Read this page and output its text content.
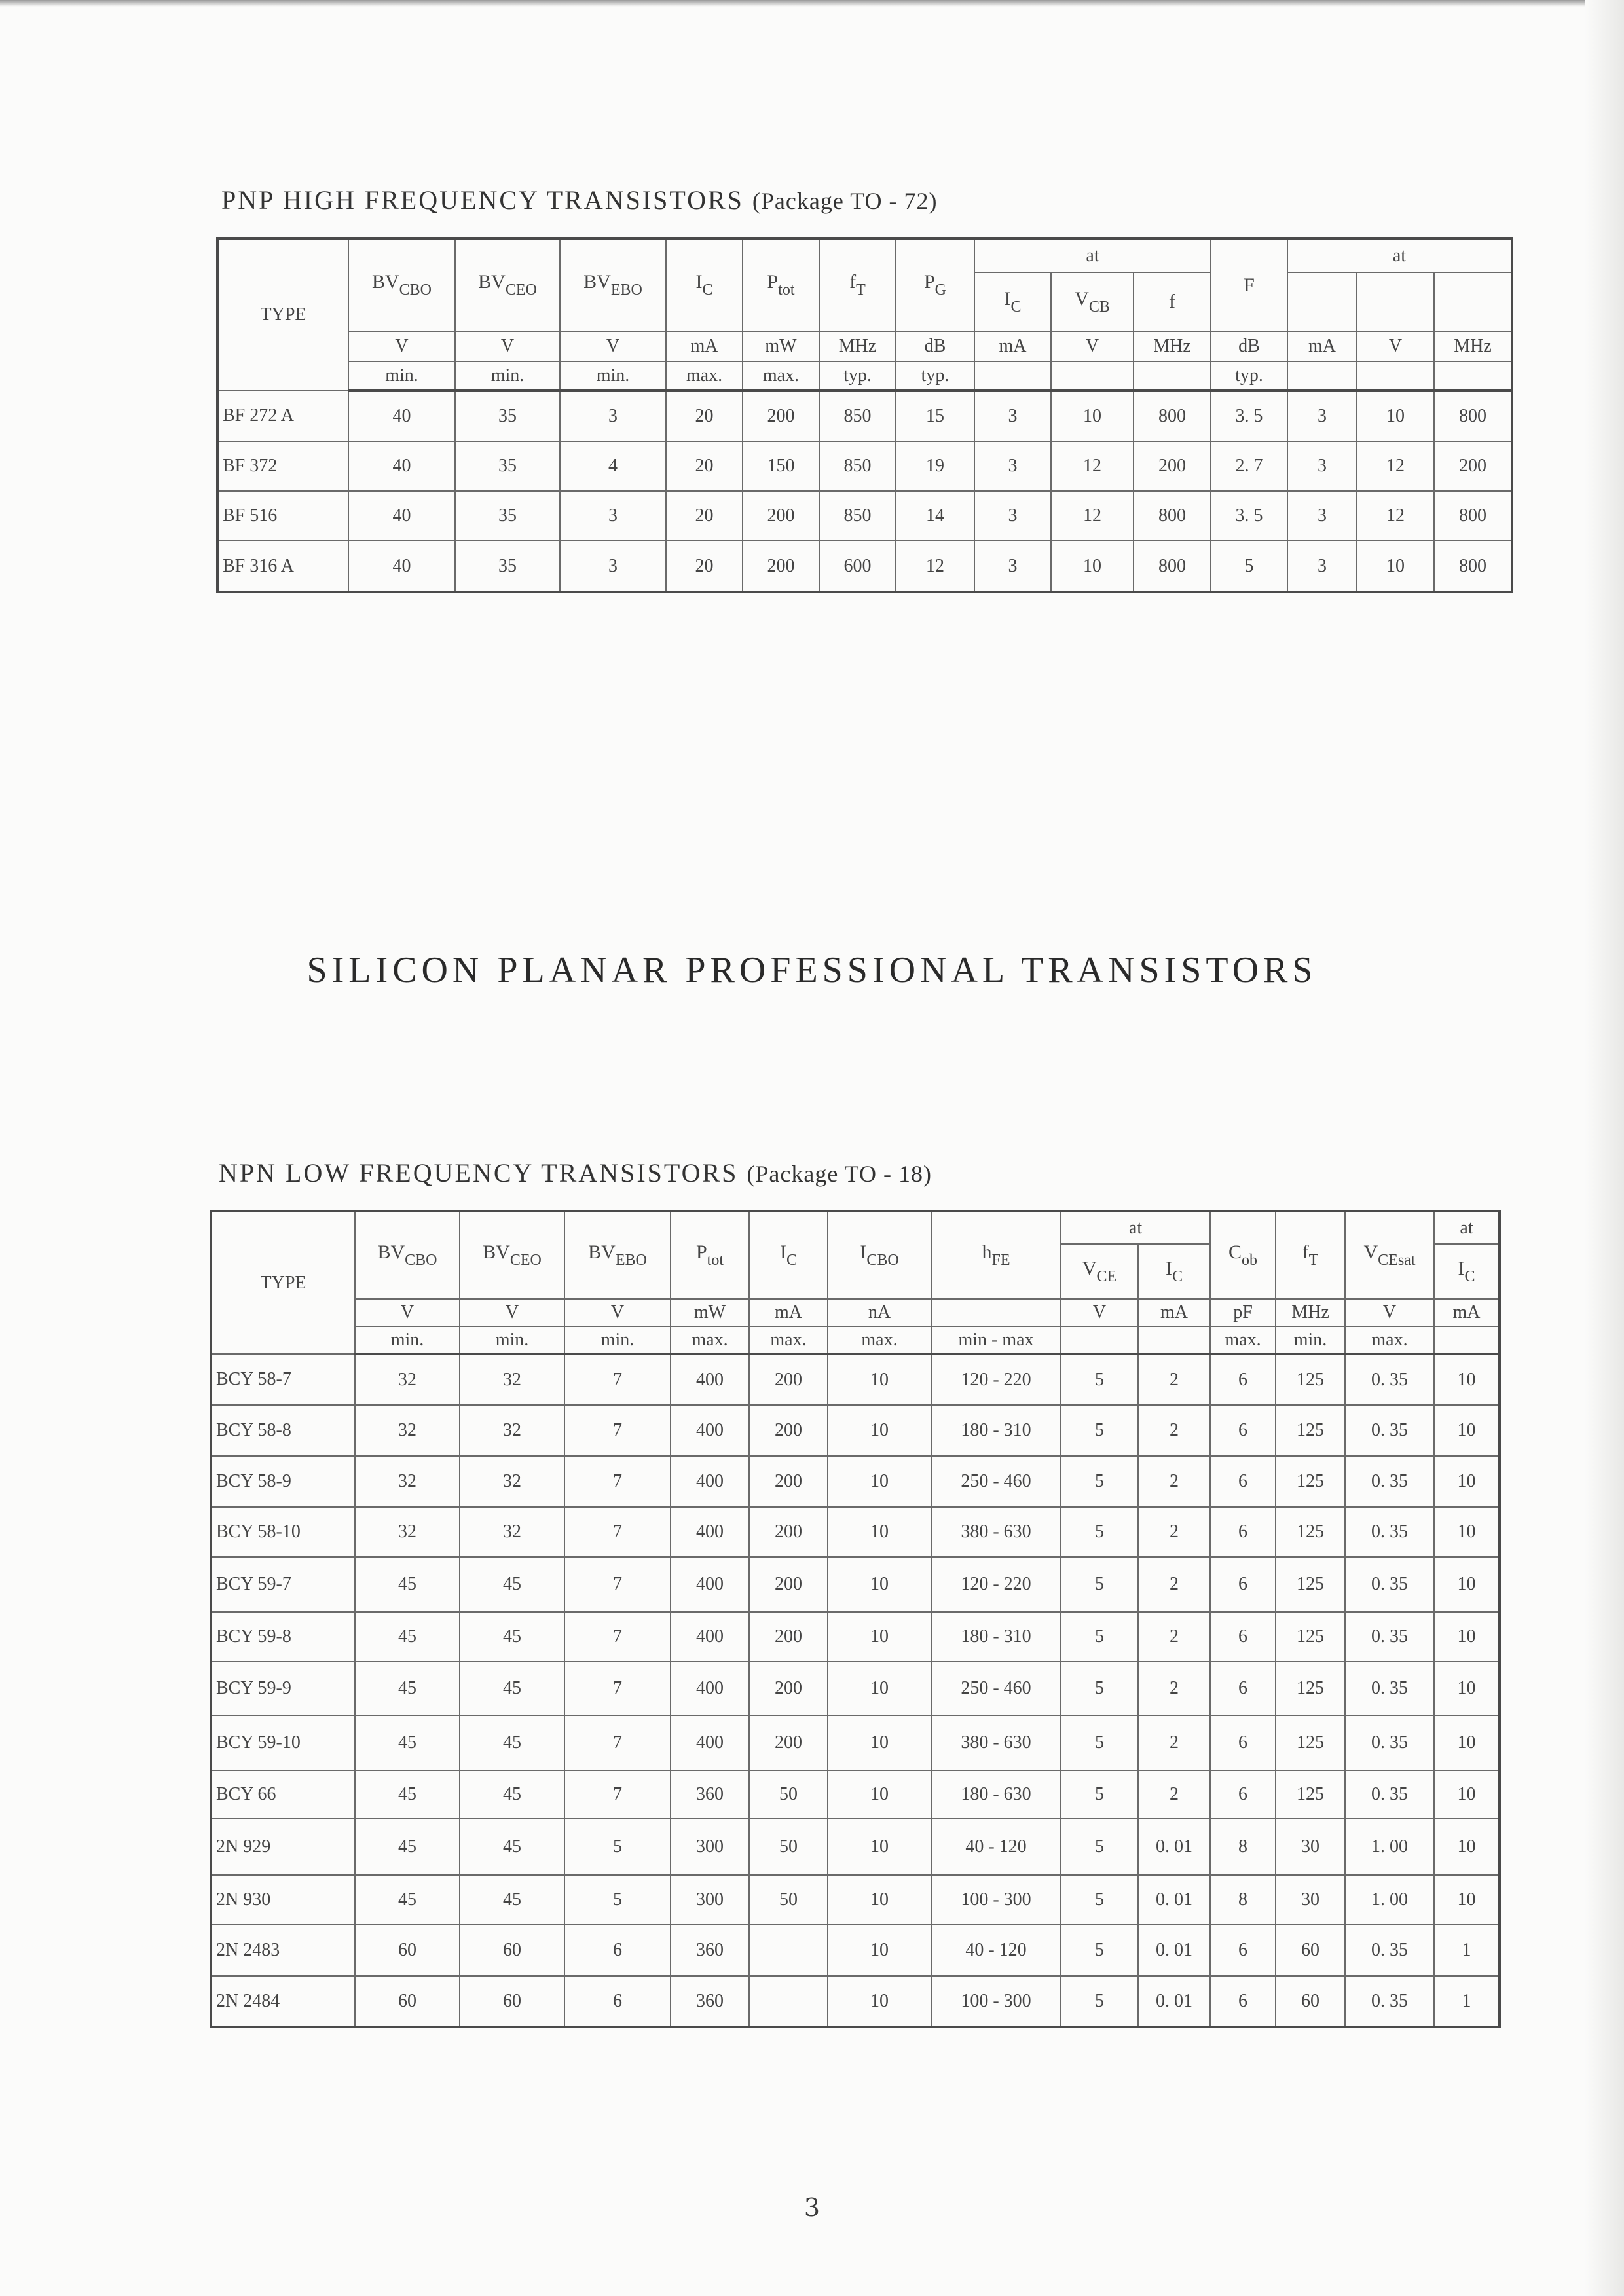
PNP HIGH FREQUENCY TRANSISTORS (Package TO - 72)
TYPE	$BV_{CBO}$	$BV_{CEO}$	$BV_{EBO}$	$I_C$	$P_{tot}$	$f_T$	$P_G$	at			F	at		
								$I_C$	$V_{CB}$	f				
	V	V	V	mA	mW	MHz	dB	mA	V	MHz	dB	mA	V	MHz
	min.	min.	min.	max.	max.	typ.	typ.				typ.			
BF 272 A	40	35	3	20	200	850	15	3	10	800	3. 5	3	10	800
BF 372	40	35	4	20	150	850	19	3	12	200	2. 7	3	12	200
BF 516	40	35	3	20	200	850	14	3	12	800	3. 5	3	12	800
BF 316 A	40	35	3	20	200	600	12	3	10	800	5	3	10	800
SILICON PLANAR PROFESSIONAL TRANSISTORS
NPN LOW FREQUENCY TRANSISTORS (Package TO - 18)
TYPE	$BV_{CBO}$	$BV_{CEO}$	$BV_{EBO}$	$P_{tot}$	$I_C$	$I_{CBO}$	$h_{FE}$	at		$C_{ob}$	$f_T$	$V_{CEsat}$	at
								$V_{CE}$	$I_C$				$I_C$
	V	V	V	mW	mA	nA		V	mA	pF	MHz	V	mA
	min.	min.	min.	max.	max.	max.	min - max			max.	min.	max.	
BCY 58-7	32	32	7	400	200	10	120 - 220	5	2	6	125	0. 35	10
BCY 58-8	32	32	7	400	200	10	180 - 310	5	2	6	125	0. 35	10
BCY 58-9	32	32	7	400	200	10	250 - 460	5	2	6	125	0. 35	10
BCY 58-10	32	32	7	400	200	10	380 - 630	5	2	6	125	0. 35	10
BCY 59-7	45	45	7	400	200	10	120 - 220	5	2	6	125	0. 35	10
BCY 59-8	45	45	7	400	200	10	180 - 310	5	2	6	125	0. 35	10
BCY 59-9	45	45	7	400	200	10	250 - 460	5	2	6	125	0. 35	10
BCY 59-10	45	45	7	400	200	10	380 - 630	5	2	6	125	0. 35	10
BCY 66	45	45	7	360	50	10	180 - 630	5	2	6	125	0. 35	10
2N 929	45	45	5	300	50	10	40 - 120	5	0. 01	8	30	1. 00	10
2N 930	45	45	5	300	50	10	100 - 300	5	0. 01	8	30	1. 00	10
2N 2483	60	60	6	360		10	40 - 120	5	0. 01	6	60	0. 35	1
2N 2484	60	60	6	360		10	100 - 300	5	0. 01	6	60	0. 35	1
3
